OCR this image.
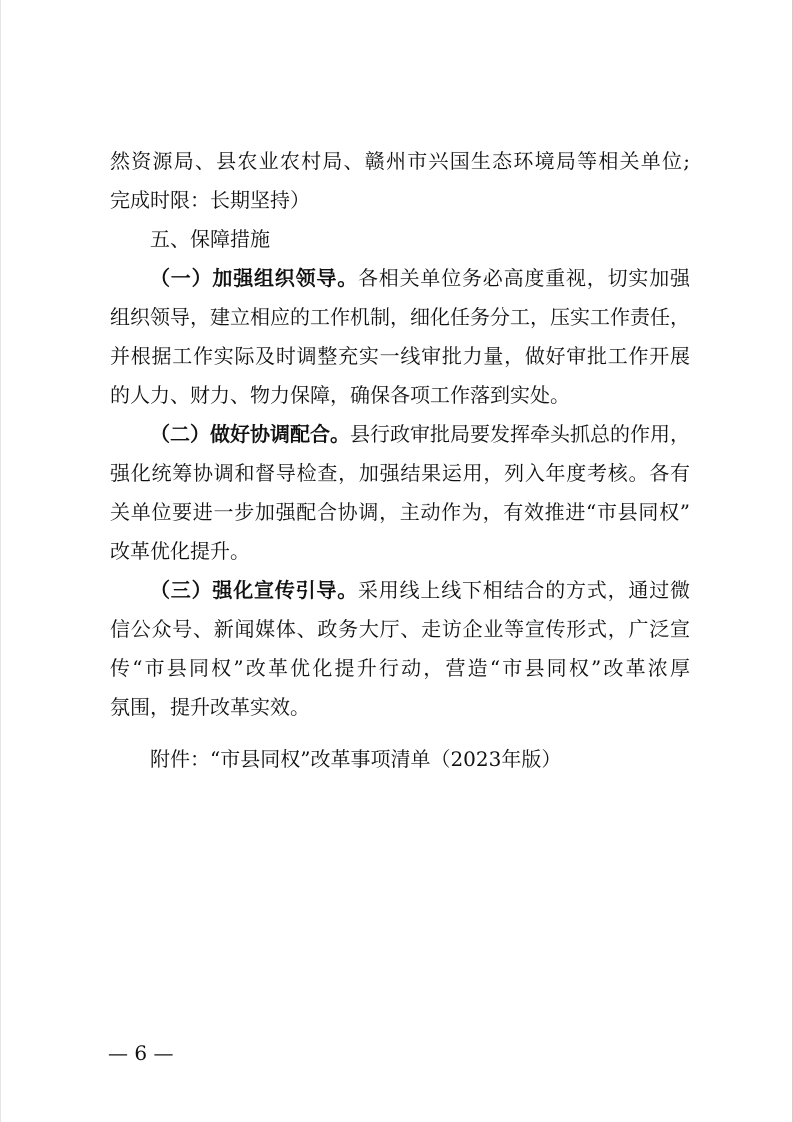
然资源局、县农业农村局、赣州市兴国生态环境局等相关单位;
完成时限：长期坚持）
五、保障措施
（一）加强组织领导。各相关单位务必高度重视，切实加强
组织领导，建立相应的工作机制，细化任务分工，压实工作责任，
并根据工作实际及时调整充实一线审批力量，做好审批工作开展
的人力、财力、物力保障，确保各项工作落到实处。
（二）做好协调配合。县行政审批局要发挥牵头抓总的作用，
强化统筹协调和督导检查，加强结果运用，列入年度考核。各有
关单位要进一步加强配合协调，主动作为，有效推进“市县同权”
改革优化提升。
（三）强化宣传引导。采用线上线下相结合的方式，通过微
信公众号、新闻媒体、政务大厅、走访企业等宣传形式，广泛宣
传“市县同权”改革优化提升行动，营造“市县同权”改革浓厚
氛围，提升改革实效。
附件：“市县同权”改革事项清单（2023年版）
— 6 —
